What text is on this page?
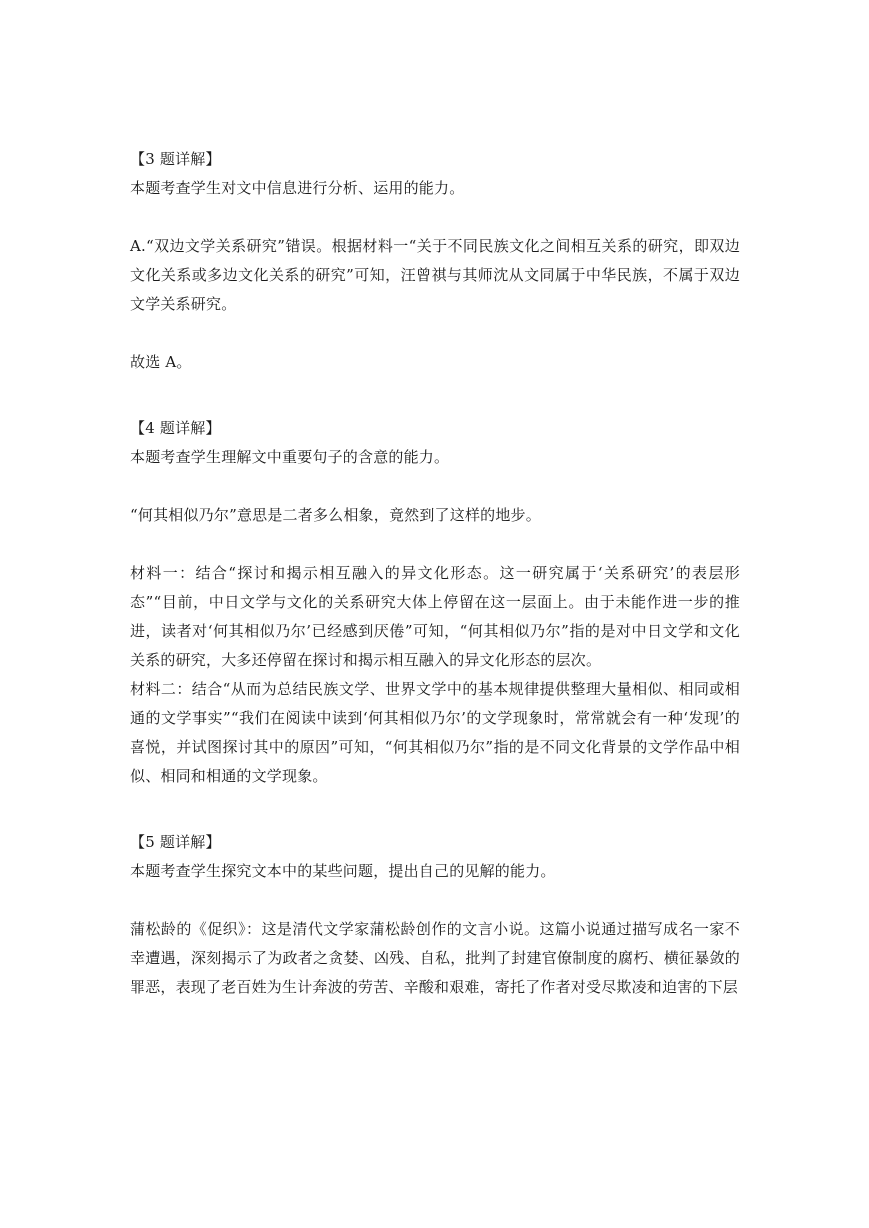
【3 题详解】

本题考查学生对文中信息进行分析、运用的能力。

A.“双边文学关系研究”错误。根据材料一“关于不同民族文化之间相互关系的研究，即双边文化关系或多边文化关系的研究”可知，汪曾祺与其师沈从文同属于中华民族，不属于双边文学关系研究。

故选 A。

【4 题详解】

本题考查学生理解文中重要句子的含意的能力。

“何其相似乃尔”意思是二者多么相象，竟然到了这样的地步。

材料一：结合“探讨和揭示相互融入的异文化形态。这一研究属于‘关系研究’的表层形态”“目前，中日文学与文化的关系研究大体上停留在这一层面上。由于未能作进一步的推进，读者对‘何其相似乃尔’已经感到厌倦”可知，“何其相似乃尔”指的是对中日文学和文化关系的研究，大多还停留在探讨和揭示相互融入的异文化形态的层次。

材料二：结合“从而为总结民族文学、世界文学中的基本规律提供整理大量相似、相同或相通的文学事实”“我们在阅读中读到‘何其相似乃尔’的文学现象时，常常就会有一种‘发现’的喜悦，并试图探讨其中的原因”可知，“何其相似乃尔”指的是不同文化背景的文学作品中相似、相同和相通的文学现象。

【5 题详解】

本题考查学生探究文本中的某些问题，提出自己的见解的能力。

蒲松龄的《促织》：这是清代文学家蒲松龄创作的文言小说。这篇小说通过描写成名一家不幸遭遇，深刻揭示了为政者之贪婪、凶残、自私，批判了封建官僚制度的腐朽、横征暴敛的罪恶，表现了老百姓为生计奔波的劳苦、辛酸和艰难，寄托了作者对受尽欺凌和迫害的下层
